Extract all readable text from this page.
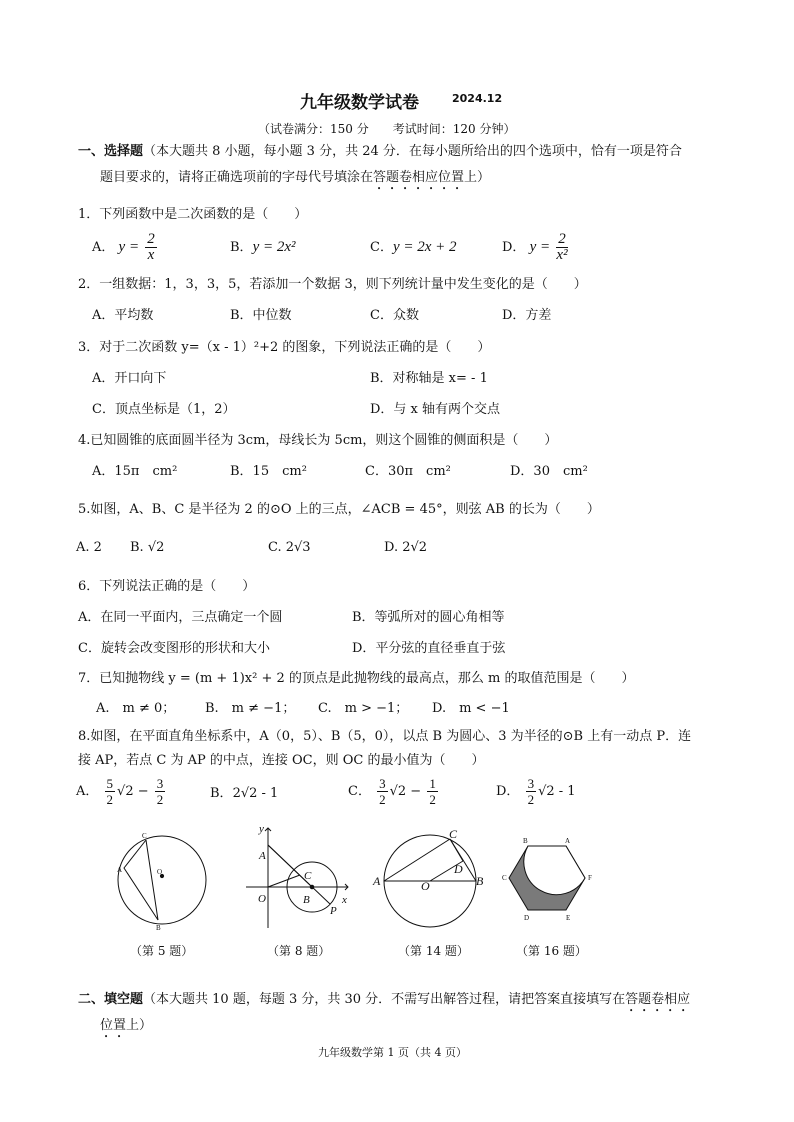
九年级数学试卷	2024.12
（试卷满分：150 分　　考试时间：120 分钟）
一、选择题（本大题共 8 小题，每小题 3 分，共 24 分．在每小题所给出的四个选项中，恰有一项是符合
题目要求的，请将正确选项前的字母代号填涂在答题卷相应位置上）
1．下列函数中是二次函数的是（　　）
A． $y = \frac{2}{x}$	B．y = 2x²	C．y = 2x + 2	D． $y = \frac{2}{\text{x²}}$
2．一组数据：1，3，3，5，若添加一个数据 3，则下列统计量中发生变化的是（　　）
A．平均数	B．中位数	C．众数	D．方差
3．对于二次函数 y=（x - 1）²+2 的图象，下列说法正确的是（　　）
A．开口向下	B．对称轴是 x= - 1
C．顶点坐标是（1，2）	D．与 x 轴有两个交点
4.已知圆锥的底面圆半径为 3cm，母线长为 5cm，则这个圆锥的侧面积是（　　）
A．15π　cm²	B．15　cm²	C．30π　cm²	D．30　cm²
5.如图，A、B、C 是半径为 2 的⊙O 上的三点，∠ACB = 45°，则弦 AB 的长为（　　）
A. 2 B. √2	C. 2√3	D. 2√2
6．下列说法正确的是（　　）
A．在同一平面内，三点确定一个圆	B．等弧所对的圆心角相等
C．旋转会改变图形的形状和大小	D．平分弦的直径垂直于弦
7．已知抛物线 y = (m + 1)x² + 2 的顶点是此抛物线的最高点，那么 m 的取值范围是（　　）
A.　m ≠ 0； B.　m ≠ −1； C.　m > −1； D.　m < −1
8.如图，在平面直角坐标系中，A（0，5）、B（5，0），以点 B 为圆心、3 为半径的⊙B 上有一动点 P．连
接 AP，若点 C 为 AP 的中点，连接 OC，则 OC 的最小值为（　　）
A． $\frac{5}{2} √2 - \frac{3}{2}$	B．2√2 - 1	C． $\frac{3}{2} √2 - \frac{1}{2}$	D． $\frac{3}{2} √2 - 1$
C
A	O
B
y
A
C
O	B
P
x
C
D
A	O	B
B	A
C	F
D	E
（第 5 题）	（第 8 题）	（第 14 题）	（第 16 题）
二、填空题（本大题共 10 题，每题 3 分，共 30 分．不需写出解答过程，请把答案直接填写在答题卷相应
位置上）
九年级数学第 1 页（共 4 页）
